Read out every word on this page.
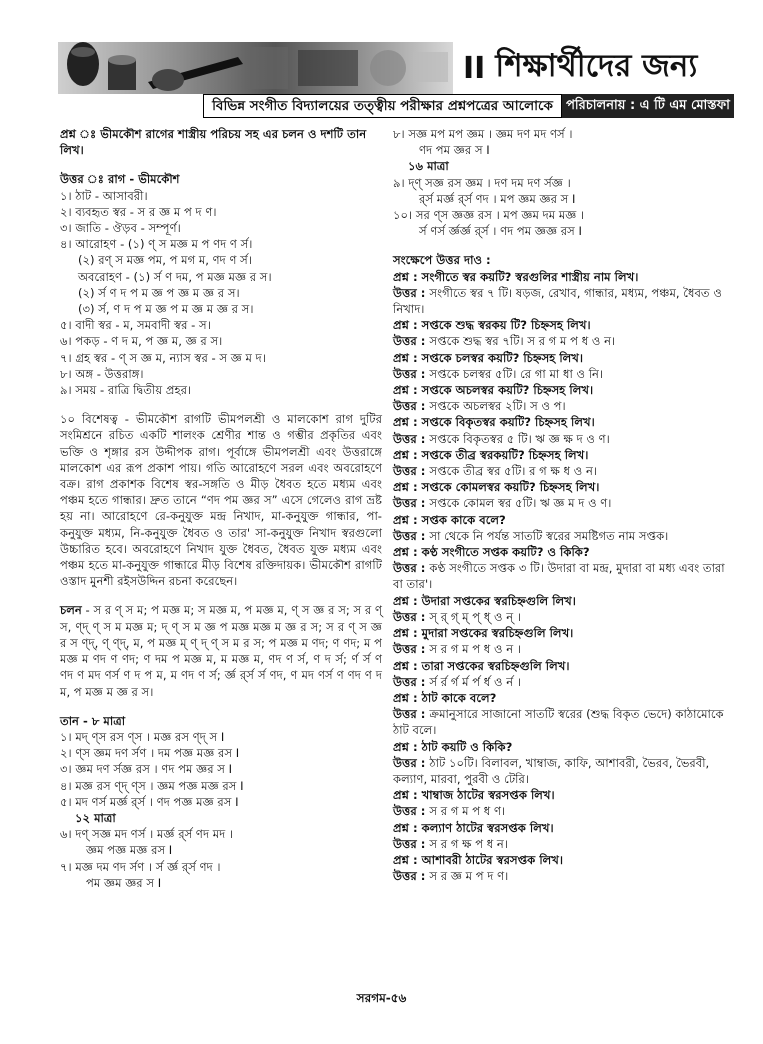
II শিক্ষার্থীদের জন্য
বিভিন্ন সংগীত বিদ্যালয়ের তত্ত্বীয় পরীক্ষার প্রশ্নপত্রের আলোকে	পরিচালনায় : এ টি এম মোস্তফা

প্রশ্ন ঃ ভীমকৌশ রাগের শাস্ত্রীয় পরিচয় সহ এর চলন ও দশটি তান লিখ।

উত্তর ঃ রাগ - ভীমকৌশ

১। ঠাট - আসাবরী।

২। ব্যবহৃত স্বর - স র জ্ঞ ম প দ ণ।

৩। জাতি - ঔড়ব - সম্পূর্ণ।

৪। আরোহণ - (১) ণ্ স মজ্ঞ ম প ণদ ণ র্স।

(২) রণ্ স মজ্ঞ পম, প মগ ম, ণদ ণ র্স।

অবরোহণ - (১) র্স ণ দম, প মজ্ঞ মজ্ঞ র স।

(২) র্স ণ দ প ম জ্ঞ প জ্ঞ ম জ্ঞ র স।

(৩) র্স, ণ দ প ম জ্ঞ প ম জ্ঞ ম জ্ঞ র স।

৫। বাদী স্বর - ম, সমবাদী স্বর - স।

৬। পকড় - ণ দ ম, প জ্ঞ ম, জ্ঞ র স।

৭। গ্রহ স্বর - ণ্ স জ্ঞ ম, ন্যাস স্বর - স জ্ঞ ম দ।

৮। অঙ্গ - উত্তরাঙ্গ।

৯। সময় - রাত্রি দ্বিতীয় প্রহর।

১০ বিশেষত্ব - ভীমকৌশ রাগটি ভীমপলশ্রী ও মালকোশ রাগ দুটির সংমিশ্রনে রচিত একটি শালংক শ্রেণীর শান্ত ও গম্ভীর প্রকৃতির এবং ভক্তি ও শৃঙ্গার রস উদ্দীপক রাগ। পূর্বাঙ্গে ভীমপলশ্রী এবং উত্তরাঙ্গে মালকোশ এর রূপ প্রকাশ পায়। গতি আরোহণে সরল এবং অবরোহণে বক্র। রাগ প্রকাশক বিশেষ স্বর-সঙ্গতি ও মীড় ধৈবত হতে মধ্যম এবং পঞ্চম হতে গান্ধার। দ্রুত তানে “ণদ পম জ্ঞর স” এসে গেলেও রাগ ভ্রষ্ট হয় না। আরোহণে রে-কনুযুক্ত মন্দ্র নিখাদ, মা-কনুযুক্ত গান্ধার, পা-কনুযুক্ত মধ্যম, নি-কনুযুক্ত ধৈবত ও তার' সা-কনুযুক্ত নিখাদ স্বরগুলো উচ্চারিত হবে। অবরোহণে নিখাদ যুক্ত ধৈবত, ধৈবত যুক্ত মধ্যম এবং পঞ্চম হতে মা-কনুযুক্ত গান্ধারে মীড় বিশেষ রক্তিদায়ক। ভীমকৌশ রাগটি ওস্তাদ মুনশী রইসউদ্দিন রচনা করেছেন।

চলন - স র ণ্ স ম; প মজ্ঞ ম; স মজ্ঞ ম, প মজ্ঞ ম, ণ্ স জ্ঞ র স; স র ণ্ স, ণ্দ্ ণ্ স ম মজ্ঞ ম; দ্ ণ্ স ম জ্ঞ প মজ্ঞ মজ্ঞ ম জ্ঞ র স; স র ণ্ স জ্ঞ র স ণ্দ্, ণ্ ণ্দ্, ম, প মজ্ঞ ম্ ণ্ দ্ ণ্ স ম র স; প মজ্ঞ ম ণদ; ণ ণদ; ম প মজ্ঞ ম ণদ ণ ণদ; ণ দম প মজ্ঞ ম, ম মজ্ঞ ম, ণদ ণ র্স, ণ দ র্স; র্ণ র্স ণ ণদ ণ মদ ণর্স ণ দ প ম, ম ণদ ণ র্স; র্জ্ঞ র্র্স র্স ণদ, ণ মদ ণর্স ণ ণদ ণ দ ম, প মজ্ঞ ম জ্ঞ র স।

তান - ৮ মাত্রা

১। মদ্ ণ্স রস ণ্স । মজ্ঞ রস ণ্দ্ স I

২। ণ্স জ্ঞম দণ র্সণ । দম পজ্ঞ মজ্ঞ রস I

৩। জ্ঞম দণ র্সজ্ঞ রস । ণদ পম জ্ঞর স I

৪। মজ্ঞ রস ণ্দ্ ণ্স । জ্ঞম পজ্ঞ মজ্ঞ রস I

৫। মদ ণর্স মর্জ্ঞ র্র্স । ণদ পজ্ঞ মজ্ঞ রস I

১২ মাত্রা

৬। দণ্ সজ্ঞ মদ ণর্স । মর্জ্ঞ র্র্স ণদ মদ ।

জ্ঞম পজ্ঞ মজ্ঞ রস I

৭। মজ্ঞ দম ণদ র্সণ । র্স র্জ্ঞ র্র্স ণদ ।

পম জ্ঞম জ্ঞর স I

৮। সজ্ঞ মপ মপ জ্ঞম । জ্ঞম দণ মদ ণর্স ।

ণদ পম জ্ঞর স I

১৬ মাত্রা

৯। দ্ণ্ সজ্ঞ রস জ্ঞম । দণ দম দণ র্সজ্ঞ ।

র্র্স মর্জ্ঞ র্র্স ণদ । মপ জ্ঞম জ্ঞর স I

১০। সর ণ্স জ্ঞজ্ঞ রস । মপ জ্ঞম দম মজ্ঞ ।

র্স ণর্স র্জ্ঞর্জ্ঞ র্র্স । ণদ পম জ্ঞজ্ঞ রস I

সংক্ষেপে উত্তর দাও :

প্রশ্ন : সংগীতে স্বর কয়টি? স্বরগুলির শাস্ত্রীয় নাম লিখ।

উত্তর : সংগীতে স্বর ৭ টি। ষড়জ, রেখাব, গান্ধার, মধ্যম, পঞ্চম, ধৈবত ও নিখাদ।

প্রশ্ন : সপ্তকে শুদ্ধ স্বরকয় টি? চিহ্নসহ লিখ।

উত্তর : সপ্তকে শুদ্ধ স্বর ৭টি। স র গ ম প ধ ও ন।

প্রশ্ন : সপ্তকে চলস্বর কয়টি? চিহ্নসহ লিখ।

উত্তর : সপ্তকে চলস্বর ৫টি। রে গা মা ধা ও নি।

প্রশ্ন : সপ্তকে অচলস্বর কয়টি? চিহ্নসহ লিখ।

উত্তর : সপ্তকে অচলস্বর ২টি। স ও প।

প্রশ্ন : সপ্তকে বিকৃতস্বর কয়টি? চিহ্নসহ লিখ।

উত্তর : সপ্তকে বিকৃতস্বর ৫ টি। ঋ জ্ঞ ক্ষ দ ও ণ।

প্রশ্ন : সপ্তকে তীব্র স্বরকয়টি? চিহ্নসহ লিখ।

উত্তর : সপ্তকে তীব্র স্বর ৫টি। র গ ক্ষ ধ ও ন।

প্রশ্ন : সপ্তকে কোমলস্বর কয়টি? চিহ্নসহ লিখ।

উত্তর : সপ্তকে কোমল স্বর ৫টি। ঋ জ্ঞ ম দ ও ণ।

প্রশ্ন : সপ্তক কাকে বলে?

উত্তর : সা থেকে নি পর্যন্ত সাতটি স্বরের সমষ্টিগত নাম সপ্তক।

প্রশ্ন : কণ্ঠ সংগীতে সপ্তক কয়টি? ও কিকি?

উত্তর : কণ্ঠ সংগীতে সপ্তক ৩ টি। উদারা বা মন্দ্র, মুদারা বা মধ্য এবং তারা বা তার'।

প্রশ্ন : উদারা সপ্তকের স্বরচিহ্নগুলি লিখ।

উত্তর : স্ র্ গ্ ম্ প্ ধ্ ও ন্ ।

প্রশ্ন : মুদারা সপ্তকের স্বরচিহ্নগুলি লিখ।

উত্তর : স র গ ম প ধ ও ন ।

প্রশ্ন : তারা সপ্তকের স্বরচিহ্নগুলি লিখ।

উত্তর : র্স র্র র্গ র্ম র্প র্ধ ও র্ন ।

প্রশ্ন : ঠাট কাকে বলে?

উত্তর : ক্রমানুসারে সাজানো সাতটি স্বরের (শুদ্ধ বিকৃত ভেদে) কাঠামোকে ঠাট বলে।

প্রশ্ন : ঠাট কয়টি ও কিকি?

উত্তর : ঠাট ১০টি। বিলাবল, খাম্বাজ, কাফি, আশাবরী, ভৈরব, ভৈরবী, কল্যাণ, মারবা, পুরবী ও টেরি।

প্রশ্ন : খাম্বাজ ঠাটের স্বরসপ্তক লিখ।

উত্তর : স র গ ম প ধ ণ।

প্রশ্ন : কল্যাণ ঠাটের স্বরসপ্তক লিখ।

উত্তর : স র গ ক্ষ প ধ ন।

প্রশ্ন : আশাবরী ঠাটের স্বরসপ্তক লিখ।

উত্তর : স র জ্ঞ ম প দ ণ।

সরগম-৫৬
